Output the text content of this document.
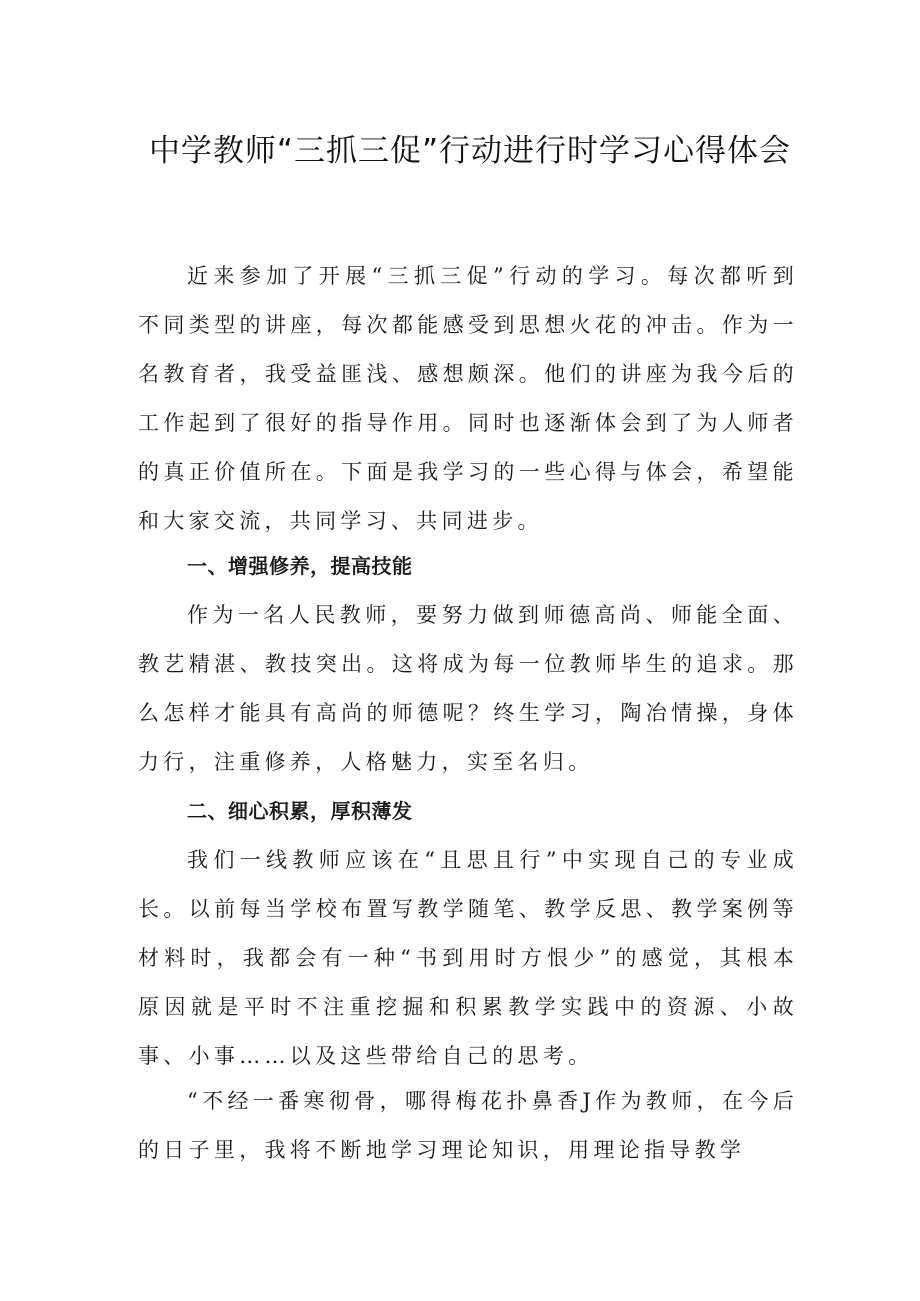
中学教师“三抓三促”行动进行时学习心得体会

近来参加了开展“三抓三促”行动的学习。每次都听到不同类型的讲座，每次都能感受到思想火花的冲击。作为一名教育者，我受益匪浅、感想颇深。他们的讲座为我今后的工作起到了很好的指导作用。同时也逐渐体会到了为人师者的真正价值所在。下面是我学习的一些心得与体会，希望能和大家交流，共同学习、共同进步。

一、增强修养，提高技能

作为一名人民教师，要努力做到师德高尚、师能全面、教艺精湛、教技突出。这将成为每一位教师毕生的追求。那么怎样才能具有高尚的师德呢？终生学习，陶冶情操，身体力行，注重修养，人格魅力，实至名归。

二、细心积累，厚积薄发

我们一线教师应该在“且思且行”中实现自己的专业成长。以前每当学校布置写教学随笔、教学反思、教学案例等材料时，我都会有一种“书到用时方恨少”的感觉，其根本原因就是平时不注重挖掘和积累教学实践中的资源、小故事、小事……以及这些带给自己的思考。

“不经一番寒彻骨，哪得梅花扑鼻香J作为教师，在今后的日子里，我将不断地学习理论知识，用理论指导教学
